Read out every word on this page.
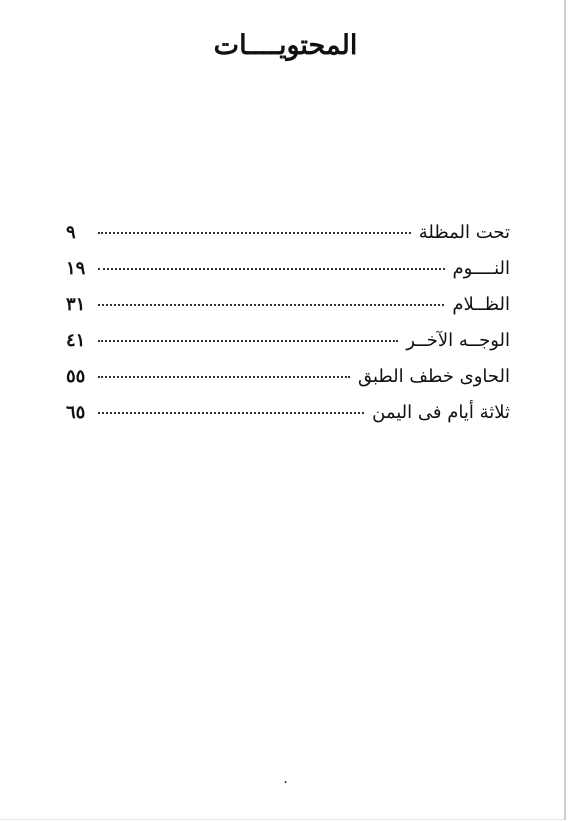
المحتويــــات
تحت المظلة
٩
النــــوم
١٩
الظــلام
٣١
الوجــه الآخــر
٤١
الحاوى خطف الطبق
٥٥
ثلاثة أيام فى اليمن
٦٥
٠
